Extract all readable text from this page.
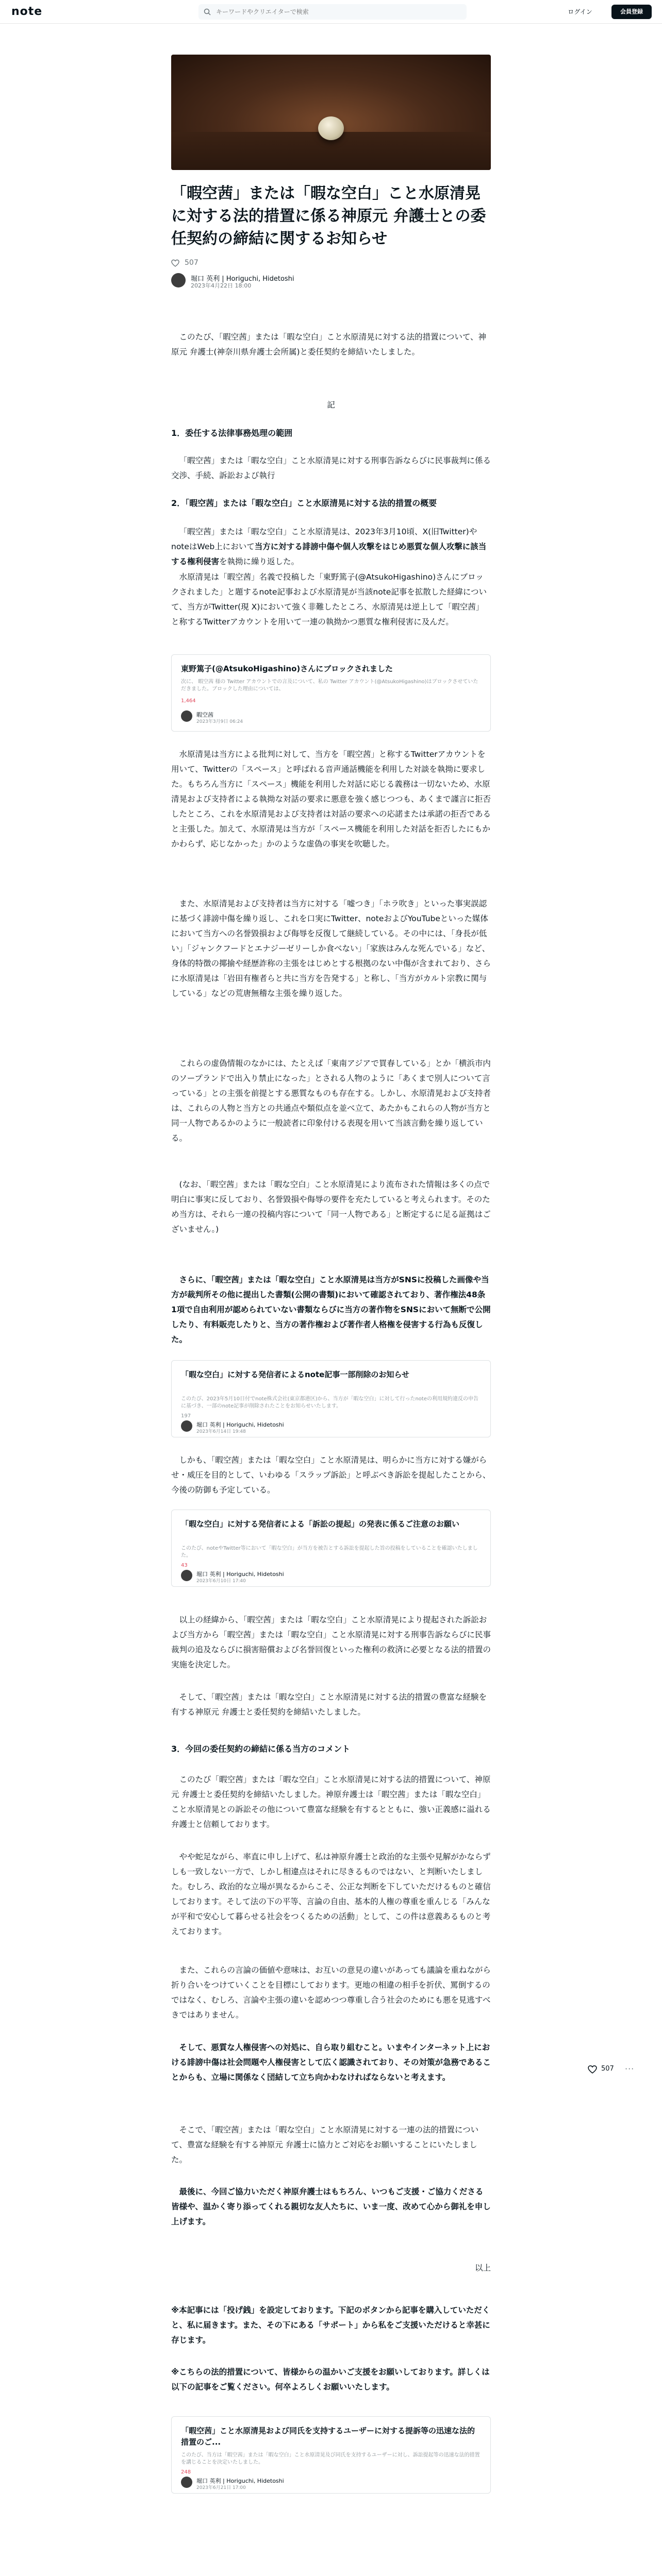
note
キーワードやクリエイターで検索	ログイン	会員登録
「暇空茜」または「暇な空白」こと水原清晃に対する法的措置に係る神原元 弁護士との委任契約の締結に関するお知らせ
507
堀口 英利 | Horiguchi, Hidetoshi
2023年4月22日 18:00

このたび、「暇空茜」または「暇な空白」こと水原清晃に対する法的措置について、神原元 弁護士(神奈川県弁護士会所属)と委任契約を締結いたしました。

記
1．委任する法律事務処理の範囲

「暇空茜」または「暇な空白」こと水原清晃に対する刑事告訴ならびに民事裁判に係る交渉、手続、訴訟および執行

2．「暇空茜」または「暇な空白」こと水原清晃に対する法的措置の概要

「暇空茜」または「暇な空白」こと水原清晃は、2023年3月10頃、X(旧Twitter)やnoteはWeb上において当方に対する誹謗中傷や個人攻撃をはじめ悪質な個人攻撃に該当する権利侵害を執拗に繰り返した。

水原清晃は「暇空茜」名義で投稿した「東野篤子(@AtsukoHigashino)さんにブロックされました」と題するnote記事および水原清晃が当該note記事を拡散した経緯について、当方がTwitter(現 X)において強く非難したところ、水原清晃は逆上して「暇空茜」と称するTwitterアカウントを用いて一連の執拗かつ悪質な権利侵害に及んだ。

東野篤子(@AtsukoHigashino)さんにブロックされました
次に、 暇空茜 様の Twitter アカウントでの言及について、私の Twitter アカウント(@AtsukoHigashino)はブロックさせていただきました。ブロックした理由については、
1,464
暇空茜
2023年3月9日 06:24

水原清晃は当方による批判に対して、当方を「暇空茜」と称するTwitterアカウントを用いて、Twitterの「スペース」と呼ばれる音声通話機能を利用した対談を執拗に要求した。もちろん当方に「スペース」機能を利用した対話に応じる義務は一切ないため、水原清晃および支持者による執拗な対話の要求に悪意を強く感じつつも、あくまで謹言に拒否したところ、これを水原清晃および支持者は対話の要求への応諾または承諾の拒否であると主張した。加えて、水原清晃は当方が「スペース機能を利用した対話を拒否したにもかかわらず、応じなかった」かのような虚偽の事実を吹聴した。

また、水原清晃および支持者は当方に対する「嘘つき」「ホラ吹き」といった事実誤認に基づく誹謗中傷を繰り返し、これを口実にTwitter、noteおよびYouTubeといった媒体において当方への名誉毀損および侮辱を反復して継続している。その中には、「身長が低い」「ジャンクフードとエナジーゼリーしか食べない」「家族はみんな死んでいる」など、身体的特徴の揶揄や経歴詐称の主張をはじめとする根拠のない中傷が含まれており、さらに水原清晃は「岩田有権者らと共に当方を告発する」と称し、「当方がカルト宗教に関与している」などの荒唐無稽な主張を繰り返した。

これらの虚偽情報のなかには、たとえば「東南アジアで買春している」とか「横浜市内のソープランドで出入り禁止になった」とされる人物のように「あくまで別人について言っている」との主張を前提とする悪質なものも存在する。しかし、水原清晃および支持者は、これらの人物と当方との共通点や類似点を並べ立て、あたかもこれらの人物が当方と同一人物であるかのように一般読者に印象付ける表現を用いて当該言動を繰り返している。

(なお、「暇空茜」または「暇な空白」こと水原清晃により流布された情報は多くの点で明白に事実に反しており、名誉毀損や侮辱の要件を充たしていると考えられます。そのため当方は、それら一連の投稿内容について「同一人物である」と断定するに足る証拠はございません。)

さらに、「暇空茜」または「暇な空白」こと水原清晃は当方がSNSに投稿した画像や当方が裁判所その他に提出した書類(公開の書類)において確認されており、著作権法48条1項で自由利用が認められていない書類ならびに当方の著作物をSNSにおいて無断で公開したり、有料販売したりと、当方の著作権および著作者人格権を侵害する行為も反復した。

「暇な空白」に対する発信者によるnote記事一部削除のお知らせ
このたび、2023年5月10日付でnote株式会社(東京都港区)から、当方が「暇な空白」に対して行ったnoteの利用規約違反の申告に基づき、一部のnote記事が削除されたことをお知らせいたします。
197
堀口 英利 | Horiguchi, Hidetoshi
2023年6月14日 19:48

しかも、「暇空茜」または「暇な空白」こと水原清晃は、明らかに当方に対する嫌がらせ・威圧を目的として、いわゆる「スラップ訴訟」と呼ぶべき訴訟を提起したことから、今後の防御も予定している。

「暇な空白」に対する発信者による「訴訟の提起」の発表に係るご注意のお願い
このたび、noteやTwitter等において「暇な空白」が当方を被告とする訴訟を提起した旨の投稿をしていることを確認いたしました。
43
堀口 英利 | Horiguchi, Hidetoshi
2023年6月10日 17:40

以上の経緯から、「暇空茜」または「暇な空白」こと水原清晃により提起された訴訟および当方から「暇空茜」または「暇な空白」こと水原清晃に対する刑事告訴ならびに民事裁判の追及ならびに損害賠償および名誉回復といった権利の救済に必要となる法的措置の実施を決定した。

そして、「暇空茜」または「暇な空白」こと水原清晃に対する法的措置の豊富な経験を有する神原元 弁護士と委任契約を締結いたしました。

3．今回の委任契約の締結に係る当方のコメント

このたび「暇空茜」または「暇な空白」こと水原清晃に対する法的措置について、神原元 弁護士と委任契約を締結いたしました。神原弁護士は「暇空茜」または「暇な空白」こと水原清晃との訴訟その他について豊富な経験を有するとともに、強い正義感に溢れる弁護士と信頼しております。

やや蛇足ながら、率直に申し上げて、私は神原弁護士と政治的な主張や見解がかならずしも一致しない一方で、しかし相違点はそれに尽きるものではない、と判断いたしました。むしろ、政治的な立場が異なるからこそ、公正な判断を下していただけるものと確信しております。そして法の下の平等、言論の自由、基本的人権の尊重を重んじる「みんなが平和で安心して暮らせる社会をつくるための活動」として、この件は意義あるものと考えております。

また、これらの言論の価値や意味は、お互いの意見の違いがあっても議論を重ねながら折り合いをつけていくことを目標にしております。更地の相違の相手を折伏、罵倒するのではなく、むしろ、言論や主張の違いを認めつつ尊重し合う社会のためにも悪を見逃すべきではありません。

そして、悪質な人権侵害への対処に、自ら取り組むこと。いまやインターネット上における誹謗中傷は社会問題や人権侵害として広く認識されており、その対策が急務であることからも、立場に関係なく団結して立ち向かわなければならないと考えます。

そこで、「暇空茜」または「暇な空白」こと水原清晃に対する一連の法的措置について、豊富な経験を有する神原元 弁護士に協力とご対応をお願いすることにいたしました。

最後に、今回ご協力いただく神原弁護士はもちろん、いつもご支援・ご協力くださる皆様や、温かく寄り添ってくれる親切な友人たちに、いま一度、改めて心から御礼を申し上げます。

以上

※本記事には「投げ銭」を設定しております。下記のボタンから記事を購入していただくと、私に届きます。また、その下にある「サポート」から私をご支援いただけると幸甚に存じます。

※こちらの法的措置について、皆様からの温かいご支援をお願いしております。詳しくは以下の記事をご覧ください。何卒よろしくお願いいたします。

「暇空茜」こと水原清晃および同氏を支持するユーザーに対する提訴等の迅速な法的措置のご...
このたび、当方は「暇空茜」または「暇な空白」こと水原清晃及び同氏を支持するユーザーに対し、訴訟提起等の迅速な法的措置を講じることを決定いたしました。
248
堀口 英利 | Horiguchi, Hidetoshi
2023年6月21日 17:00
507 ···
